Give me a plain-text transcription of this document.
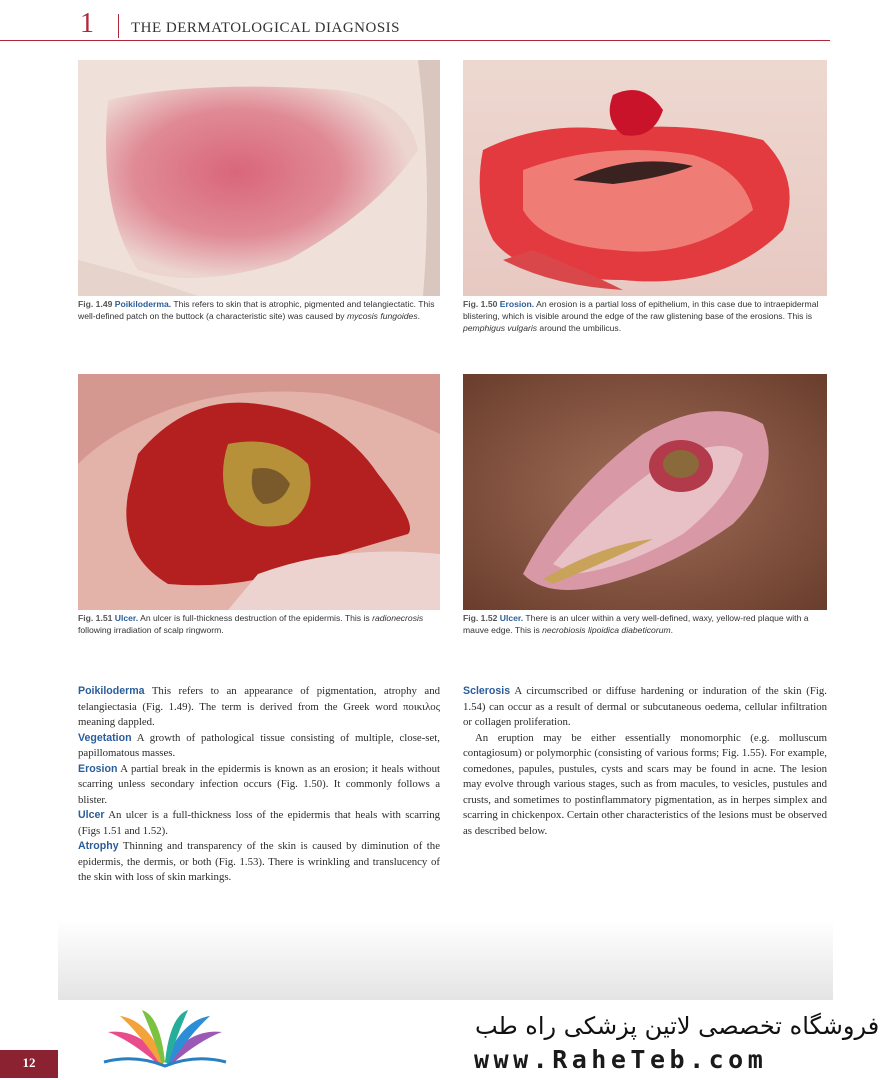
1 THE DERMATOLOGICAL DIAGNOSIS
Fig. 1.49 Poikiloderma. This refers to skin that is atrophic, pigmented and telangiectatic. This well-defined patch on the buttock (a characteristic site) was caused by mycosis fungoides.
Fig. 1.50 Erosion. An erosion is a partial loss of epithelium, in this case due to intraepidermal blistering, which is visible around the edge of the raw glistening base of the erosions. This is pemphigus vulgaris around the umbilicus.
Fig. 1.51 Ulcer. An ulcer is full-thickness destruction of the epidermis. This is radionecrosis following irradiation of scalp ringworm.
Fig. 1.52 Ulcer. There is an ulcer within a very well-defined, waxy, yellow-red plaque with a mauve edge. This is necrobiosis lipoidica diabeticorum.

Poikiloderma This refers to an appearance of pigmentation, atrophy and telangiectasia (Fig. 1.49). The term is derived from the Greek word ποικιλος meaning dappled.

Vegetation A growth of pathological tissue consisting of multiple, close-set, papillomatous masses.

Erosion A partial break in the epidermis is known as an erosion; it heals without scarring unless secondary infection occurs (Fig. 1.50). It commonly follows a blister.

Ulcer An ulcer is a full-thickness loss of the epidermis that heals with scarring (Figs 1.51 and 1.52).

Atrophy Thinning and transparency of the skin is caused by diminution of the epidermis, the dermis, or both (Fig. 1.53). There is wrinkling and translucency of the skin with loss of skin markings.

Sclerosis A circumscribed or diffuse hardening or induration of the skin (Fig. 1.54) can occur as a result of dermal or subcutaneous oedema, cellular infiltration or collagen proliferation.

An eruption may be either essentially monomorphic (e.g. molluscum contagiosum) or polymorphic (consisting of various forms; Fig. 1.55). For example, comedones, papules, pustules, cysts and scars may be found in acne. The lesion may evolve through various stages, such as from macules, to vesicles, pustules and crusts, and sometimes to postinflammatory pigmentation, as in herpes simplex and scarring in chickenpox. Certain other characteristics of the lesions must be observed as described below.

12
فروشگاه تخصصی لاتین پزشکی راه طب
www.RaheTeb.com
